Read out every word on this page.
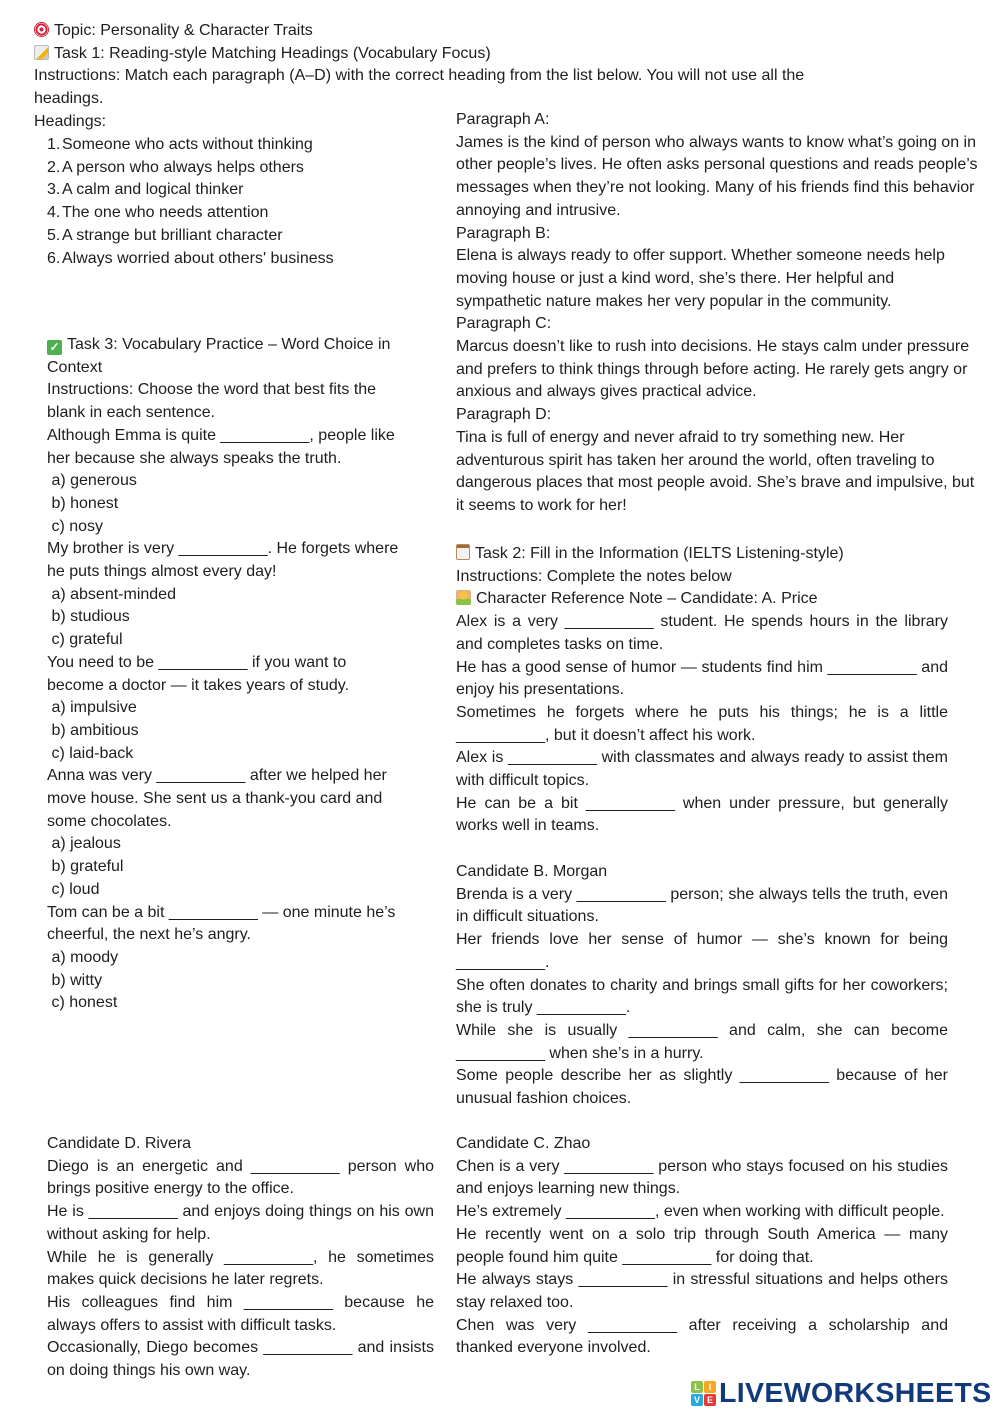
Topic: Personality & Character Traits

Task 1: Reading-style Matching Headings (Vocabulary Focus)

Instructions: Match each paragraph (A–D) with the correct heading from the list below. You will not use all the headings.

Headings:

1. Someone who acts without thinking
2. A person who always helps others
3. A calm and logical thinker
4. The one who needs attention
5. A strange but brilliant character
6. Always worried about others' business

Paragraph A:

James is the kind of person who always wants to know what’s going on in other people’s lives. He often asks personal questions and reads people’s messages when they’re not looking. Many of his friends find this behavior annoying and intrusive.

Paragraph B:

Elena is always ready to offer support. Whether someone needs help moving house or just a kind word, she’s there. Her helpful and sympathetic nature makes her very popular in the community.

Paragraph C:

Marcus doesn’t like to rush into decisions. He stays calm under pressure and prefers to think things through before acting. He rarely gets angry or anxious and always gives practical advice.

Paragraph D:

Tina is full of energy and never afraid to try something new. Her adventurous spirit has taken her around the world, often traveling to dangerous places that most people avoid. She’s brave and impulsive, but it seems to work for her!

✓ Task 3: Vocabulary Practice – Word Choice in Context

Instructions: Choose the word that best fits the blank in each sentence.

Although Emma is quite __________, people like her because she always speaks the truth.

a) generous

b) honest

c) nosy

My brother is very __________. He forgets where he puts things almost every day!

a) absent-minded

b) studious

c) grateful

You need to be __________ if you want to become a doctor — it takes years of study.

a) impulsive

b) ambitious

c) laid-back

Anna was very __________ after we helped her move house. She sent us a thank-you card and some chocolates.

a) jealous

b) grateful

c) loud

Tom can be a bit __________ — one minute he’s cheerful, the next he’s angry.

a) moody

b) witty

c) honest

Task 2: Fill in the Information (IELTS Listening-style)

Instructions: Complete the notes below

Character Reference Note – Candidate: A. Price

Alex is a very __________ student. He spends hours in the library and completes tasks on time.

He has a good sense of humor — students find him __________ and enjoy his presentations.

Sometimes he forgets where he puts his things; he is a little __________, but it doesn’t affect his work.

Alex is __________ with classmates and always ready to assist them with difficult topics.

He can be a bit __________ when under pressure, but generally works well in teams.

Candidate B. Morgan

Brenda is a very __________ person; she always tells the truth, even in difficult situations.

Her friends love her sense of humor — she’s known for being __________.

She often donates to charity and brings small gifts for her coworkers; she is truly __________.

While she is usually __________ and calm, she can become __________ when she’s in a hurry.

Some people describe her as slightly __________ because of her unusual fashion choices.

Candidate D. Rivera

Diego is an energetic and __________ person who brings positive energy to the office.

He is __________ and enjoys doing things on his own without asking for help.

While he is generally __________, he sometimes makes quick decisions he later regrets.

His colleagues find him __________ because he always offers to assist with difficult tasks.

Occasionally, Diego becomes __________ and insists on doing things his own way.

Candidate C. Zhao

Chen is a very __________ person who stays focused on his studies and enjoys learning new things.

He’s extremely __________, even when working with difficult people.

He recently went on a solo trip through South America — many people found him quite __________ for doing that.

He always stays __________ in stressful situations and helps others stay relaxed too.

Chen was very __________ after receiving a scholarship and thanked everyone involved.

L I
V E LIVEWORKSHEETS
